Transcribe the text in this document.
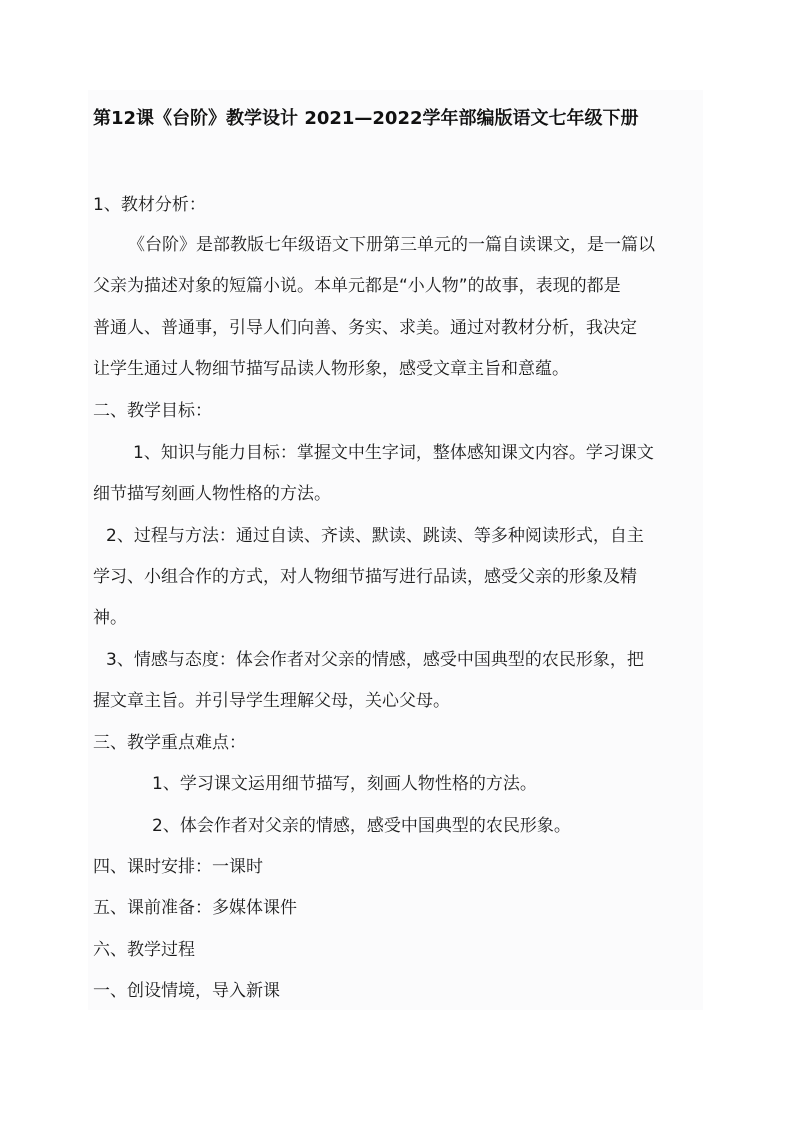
第12课《台阶》教学设计 2021—2022学年部编版语文七年级下册
1、教材分析：
《台阶》是部教版七年级语文下册第三单元的一篇自读课文，是一篇以
父亲为描述对象的短篇小说。本单元都是“小人物”的故事，表现的都是
普通人、普通事，引导人们向善、务实、求美。通过对教材分析，我决定
让学生通过人物细节描写品读人物形象，感受文章主旨和意蕴。
二、教学目标：
1、知识与能力目标：掌握文中生字词，整体感知课文内容。学习课文
细节描写刻画人物性格的方法。
2、过程与方法：通过自读、齐读、默读、跳读、等多种阅读形式，自主
学习、小组合作的方式，对人物细节描写进行品读，感受父亲的形象及精
神。
3、情感与态度：体会作者对父亲的情感，感受中国典型的农民形象，把
握文章主旨。并引导学生理解父母，关心父母。
三、教学重点难点：
1、学习课文运用细节描写，刻画人物性格的方法。
2、体会作者对父亲的情感，感受中国典型的农民形象。
四、课时安排：一课时
五、课前准备：多媒体课件
六、教学过程
一、创设情境，导入新课
